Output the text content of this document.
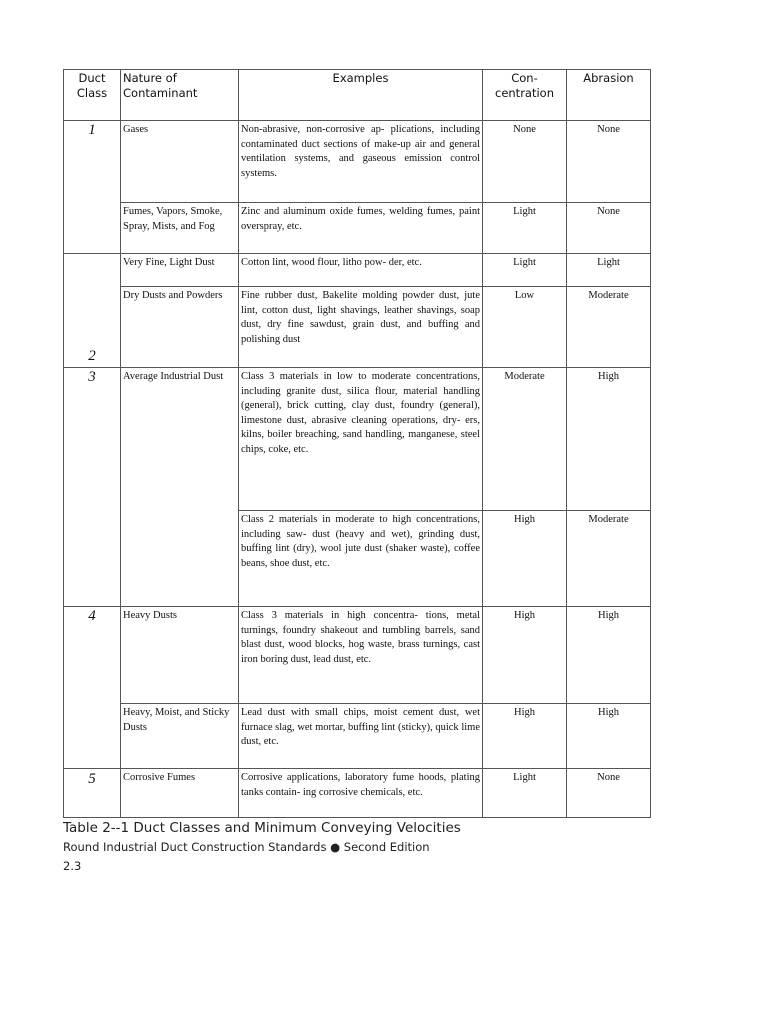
Duct Class	Nature of Contaminant	Examples	Con- centration	Abrasion
1	Gases	Non-abrasive, non-corrosive ap- plications, including contaminated duct sections of make-up air and general ventilation systems, and gaseous emission control systems.	None	None
	Fumes, Vapors, Smoke, Spray, Mists, and Fog	Zinc and aluminum oxide fumes, welding fumes, paint overspray, etc.	Light	None
2	Very Fine, Light Dust	Cotton lint, wood flour, litho pow- der, etc.	Light	Light
	Dry Dusts and Powders	Fine rubber dust, Bakelite molding powder dust, jute lint, cotton dust, light shavings, leather shavings, soap dust, dry fine sawdust, grain dust, and buffing and polishing dust	Low	Moderate
3	Average Industrial Dust	Class 3 materials in low to moderate concentrations, including granite dust, silica flour, material handling (general), brick cutting, clay dust, foundry (general), limestone dust, abrasive cleaning operations, dry- ers, kilns, boiler breaching, sand handling, manganese, steel chips, coke, etc.	Moderate	High
		Class 2 materials in moderate to high concentrations, including saw- dust (heavy and wet), grinding dust, buffing lint (dry), wool jute dust (shaker waste), coffee beans, shoe dust, etc.	High	Moderate
4	Heavy Dusts	Class 3 materials in high concentra- tions, metal turnings, foundry shakeout and tumbling barrels, sand blast dust, wood blocks, hog waste, brass turnings, cast iron boring dust, lead dust, etc.	High	High
	Heavy, Moist, and Sticky Dusts	Lead dust with small chips, moist cement dust, wet furnace slag, wet mortar, buffing lint (sticky), quick lime dust, etc.	High	High
5	Corrosive Fumes	Corrosive applications, laboratory fume hoods, plating tanks contain- ing corrosive chemicals, etc.	Light	None
Table 2--1 Duct Classes and Minimum Conveying Velocities
Round Industrial Duct Construction Standards ● Second Edition
2.3
